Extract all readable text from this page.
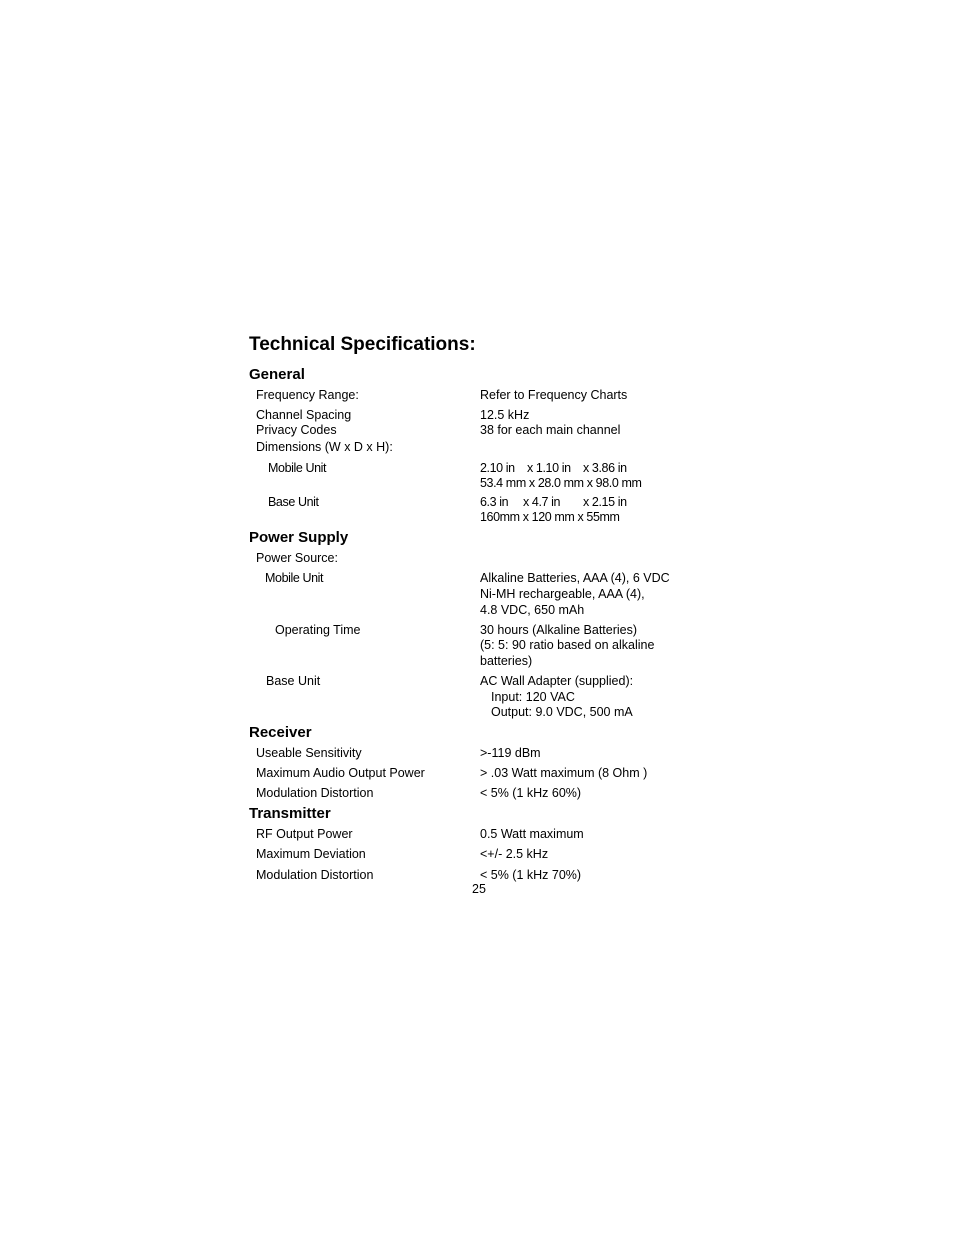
Technical Specifications:
General
Frequency Range:	Refer to Frequency Charts
Channel Spacing	12.5 kHz
Privacy Codes	38 for each main channel
Dimensions (W x D x H):
Mobile Unit	2.10 in x 1.10 in x 3.86 in
53.4 mm x 28.0 mm x 98.0 mm
Base Unit	6.3 in x 4.7 in x 2.15 in
160mm x 120 mm x 55mm
Power Supply
Power Source:
Mobile Unit	Alkaline Batteries, AAA (4), 6 VDC
Ni-MH rechargeable, AAA (4),
4.8 VDC, 650 mAh
Operating Time	30 hours (Alkaline Batteries)
(5: 5: 90 ratio based on alkaline
batteries)
Base Unit	AC Wall Adapter (supplied):
Input: 120 VAC
Output: 9.0 VDC, 500 mA
Receiver
Useable Sensitivity	>-119 dBm
Maximum Audio Output Power	> .03 Watt maximum (8 Ohm )
Modulation Distortion	< 5% (1 kHz 60%)
Transmitter
RF Output Power	0.5 Watt maximum
Maximum Deviation	<+/- 2.5 kHz
Modulation Distortion	< 5% (1 kHz 70%)
25
